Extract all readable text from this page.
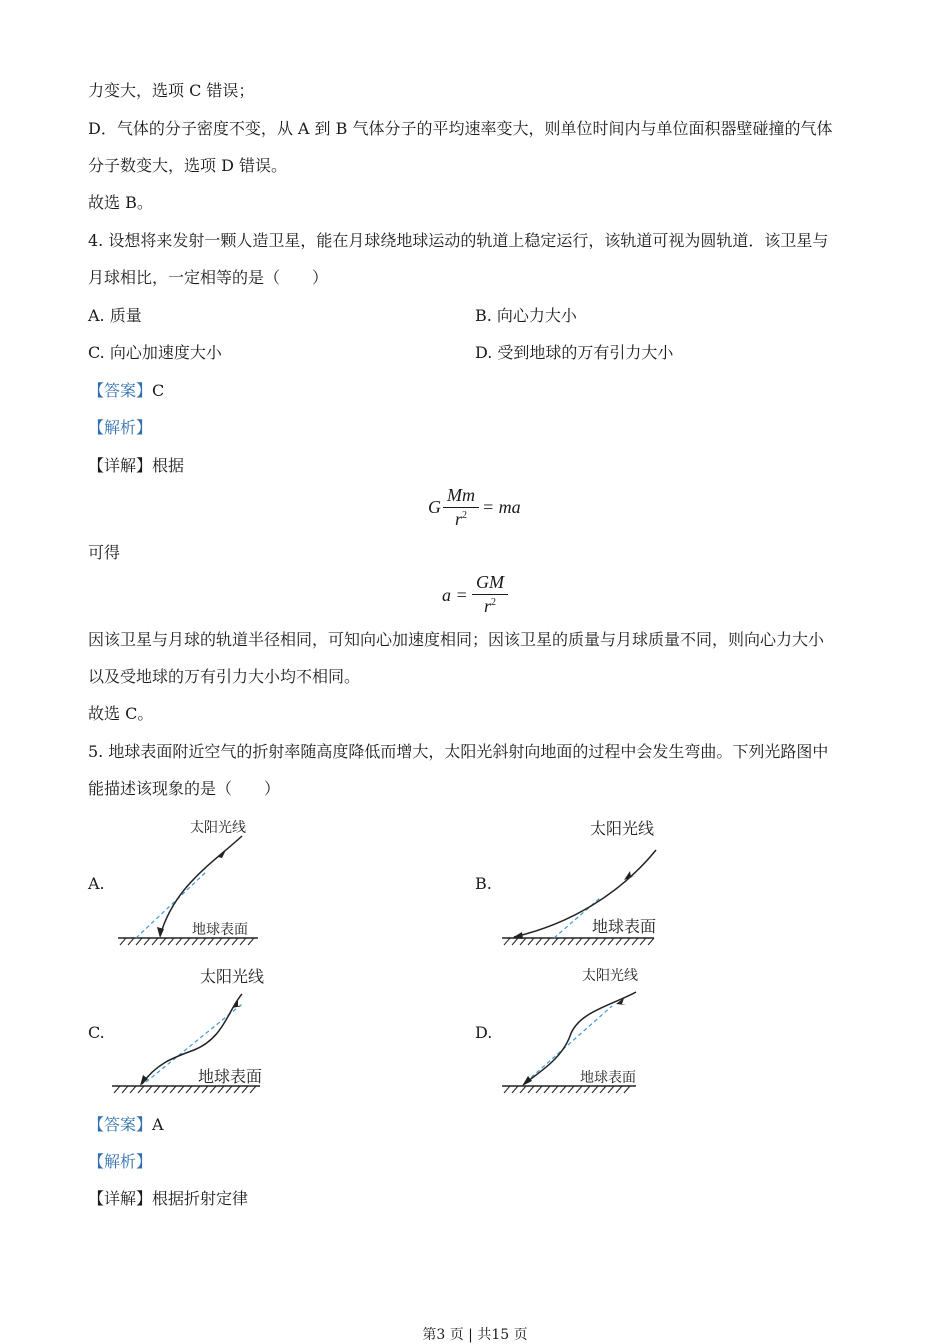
力变大，选项 C 错误；
D．气体的分子密度不变，从 A 到 B 气体分子的平均速率变大，则单位时间内与单位面积器壁碰撞的气体
分子数变大，选项 D 错误。
故选 B。
4. 设想将来发射一颗人造卫星，能在月球绕地球运动的轨道上稳定运行，该轨道可视为圆轨道．该卫星与
月球相比，一定相等的是（　　）
A. 质量	B. 向心力大小
C. 向心加速度大小	D. 受到地球的万有引力大小
【答案】C
【解析】
【详解】根据
G
Mm
$r^2$ = ma
可得
a =
GM
$r^2$
因该卫星与月球的轨道半径相同，可知向心加速度相同；因该卫星的质量与月球质量不同，则向心力大小
以及受地球的万有引力大小均不相同。
故选 C。
5. 地球表面附近空气的折射率随高度降低而增大，太阳光斜射向地面的过程中会发生弯曲。下列光路图中
能描述该现象的是（　　）
A.
太阳光线
地球表面
B.
太阳光线
地球表面
C.
太阳光线
地球表面
D.
太阳光线
地球表面
【答案】A
【解析】
【详解】根据折射定律
第3 页 | 共15 页
